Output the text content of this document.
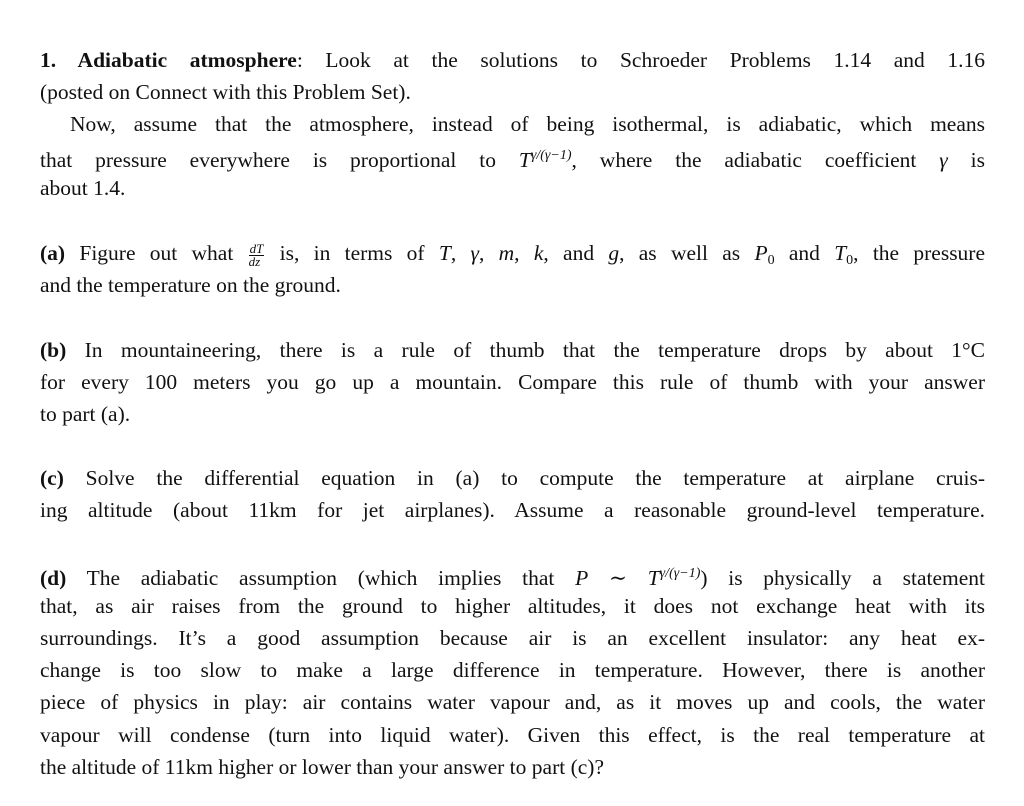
1. Adiabatic atmosphere: Look at the solutions to Schroeder Problems 1.14 and 1.16
(posted on Connect with this Problem Set).
Now, assume that the atmosphere, instead of being isothermal, is adiabatic, which means
that pressure everywhere is proportional to $T^{\gamma/(\gamma-1)}$, where the adiabatic coefficient γ is
about 1.4.
(a) Figure out what $\frac{dT}{dz}$ is, in terms of T, γ, m, k, and g, as well as $P_0$ and $T_0$, the pressure
and the temperature on the ground.
(b) In mountaineering, there is a rule of thumb that the temperature drops by about 1°C
for every 100 meters you go up a mountain. Compare this rule of thumb with your answer
to part (a).
(c) Solve the differential equation in (a) to compute the temperature at airplane cruis-
ing altitude (about 11km for jet airplanes). Assume a reasonable ground-level temperature.
(d) The adiabatic assumption (which implies that P ∼ $T^{\gamma/(\gamma-1)}$) is physically a statement
that, as air raises from the ground to higher altitudes, it does not exchange heat with its
surroundings. It’s a good assumption because air is an excellent insulator: any heat ex-
change is too slow to make a large difference in temperature. However, there is another
piece of physics in play: air contains water vapour and, as it moves up and cools, the water
vapour will condense (turn into liquid water). Given this effect, is the real temperature at
the altitude of 11km higher or lower than your answer to part (c)?
